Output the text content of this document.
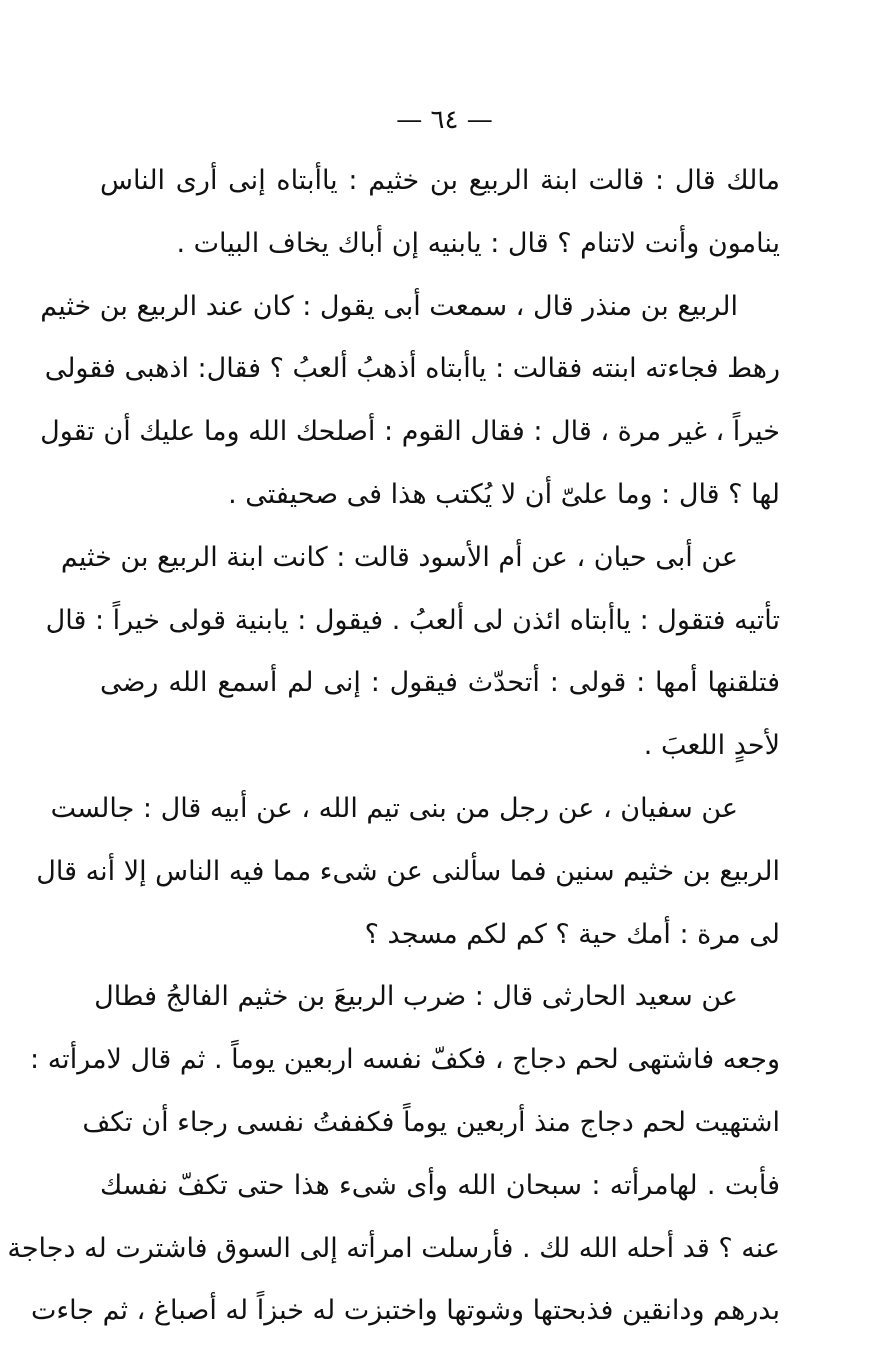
— ٦٤ —
مالك قال : قالت ابنة الربيع بن خثيم : ياأبتاه إنى أرى الناس
ينامون وأنت لاتنام ؟ قال : يابنيه إن أباك يخاف البيات .
الربيع بن منذر قال ، سمعت أبى يقول : كان عند الربيع بن خثيم
رهط فجاءته ابنته فقالت : ياأبتاه أذهبُ ألعبُ ؟ فقال: اذهبى فقولى
خيراً ، غير مرة ، قال : فقال القوم : أصلحك الله وما عليك أن تقول
لها ؟ قال : وما علىّ أن لا يُكتب هذا فى صحيفتى .
عن أبى حيان ، عن أم الأسود قالت : كانت ابنة الربيع بن خثيم
تأتيه فتقول : ياأبتاه ائذن لى ألعبُ . فيقول : يابنية قولى خيراً : قال
فتلقنها أمها : قولى : أتحدّث فيقول : إنى لم أسمع الله رضى
لأحدٍ اللعبَ .
عن سفيان ، عن رجل من بنى تيم الله ، عن أبيه قال : جالست
الربيع بن خثيم سنين فما سألنى عن شىء مما فيه الناس إلا أنه قال
لى مرة : أمك حية ؟ كم لكم مسجد ؟
عن سعيد الحارثى قال : ضرب الربيعَ بن خثيم الفالجُ فطال
وجعه فاشتهى لحم دجاج ، فكفّ نفسه اربعين يوماً . ثم قال لامرأته :
اشتهيت لحم دجاج منذ أربعين يوماً فكففتُ نفسى رجاء أن تكف
فأبت . لهامرأته : سبحان الله وأى شىء هذا حتى تكفّ نفسك
عنه ؟ قد أحله الله لك . فأرسلت امرأته إلى السوق فاشترت له دجاجة
بدرهم ودانقين فذبحتها وشوتها واختبزت له خبزاً له أصباغ ، ثم جاءت
